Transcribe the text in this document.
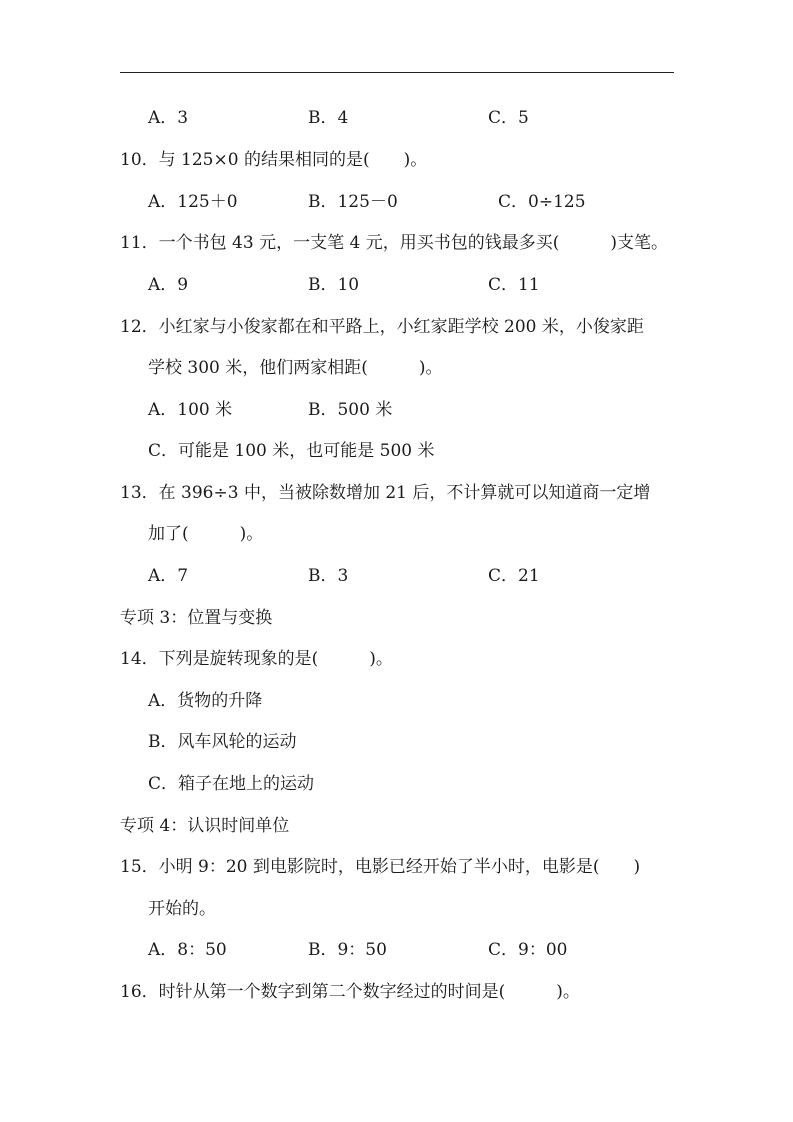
A．3	B．4	C．5
10．与 125×0 的结果相同的是(　　)。
A．125＋0	B．125－0	C．0÷125
11．一个书包 43 元，一支笔 4 元，用买书包的钱最多买(　　　)支笔。
A．9	B．10	C．11
12．小红家与小俊家都在和平路上，小红家距学校 200 米，小俊家距
学校 300 米，他们两家相距(　　　)。
A．100 米	B．500 米
C．可能是 100 米，也可能是 500 米
13．在 396÷3 中，当被除数增加 21 后，不计算就可以知道商一定增
加了(　　　)。
A．7	B．3	C．21
专项 3：位置与变换
14．下列是旋转现象的是(　　　)。
A．货物的升降
B．风车风轮的运动
C．箱子在地上的运动
专项 4：认识时间单位
15．小明 9：20 到电影院时，电影已经开始了半小时，电影是(　　)
开始的。
A．8：50	B．9：50	C．9：00
16．时针从第一个数字到第二个数字经过的时间是(　　　)。
